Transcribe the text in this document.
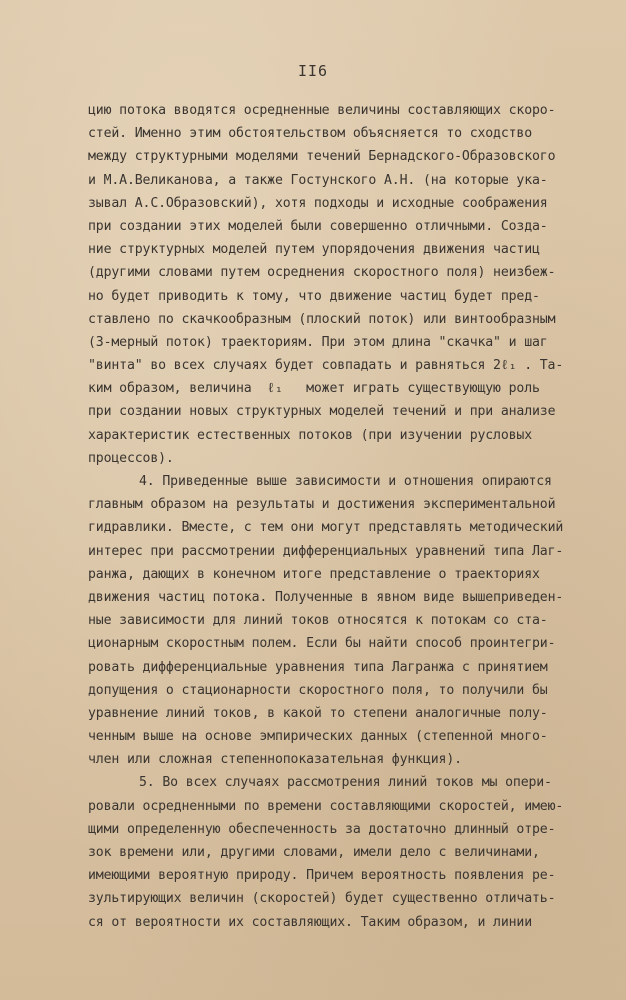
II6
цию потока вводятся осредненные величины составляющих скоро-
стей. Именно этим обстоятельством объясняется то сходство
между структурными моделями течений Бернадского-Образовского
и М.А.Великанова, а также Гостунского А.Н. (на которые ука-
зывал А.С.Образовский), хотя подходы и исходные соображения
при создании этих моделей были совершенно отличными. Созда-
ние структурных моделей путем упорядочения движения частиц
(другими словами путем осреднения скоростного поля) неизбеж-
но будет приводить к тому, что движение частиц будет пред-
ставлено по скачкообразным (плоский поток) или винтообразным
(3-мерный поток) траекториям. При этом длина "скачка" и шаг
"винта" во всех случаях будет совпадать и равняться 2ℓ₁ . Та-
ким образом, величина  ℓ₁   может играть существующую роль
при создании новых структурных моделей течений и при анализе
характеристик естественных потоков (при изучении русловых
процессов).
4. Приведенные выше зависимости и отношения опираются
главным образом на результаты и достижения экспериментальной
гидравлики. Вместе, с тем они могут представлять методический
интерес при рассмотрении дифференциальных уравнений типа Лаг-
ранжа, дающих в конечном итоге представление о траекториях
движения частиц потока. Полученные в явном виде вышеприведен-
ные зависимости для линий токов относятся к потокам со ста-
ционарным скоростным полем. Если бы найти способ проинтегри-
ровать дифференциальные уравнения типа Лагранжа с принятием
допущения о стационарности скоростного поля, то получили бы
уравнение линий токов, в какой то степени аналогичные полу-
ченным выше на основе эмпирических данных (степенной много-
член или сложная степеннопоказательная функция).
5. Во всех случаях рассмотрения линий токов мы опери-
ровали осредненными по времени составляющими скоростей, имею-
щими определенную обеспеченность за достаточно длинный отре-
зок времени или, другими словами, имели дело с величинами,
имеющими вероятную природу. Причем вероятность появления ре-
зультирующих величин (скоростей) будет существенно отличать-
ся от вероятности их составляющих. Таким образом, и линии
